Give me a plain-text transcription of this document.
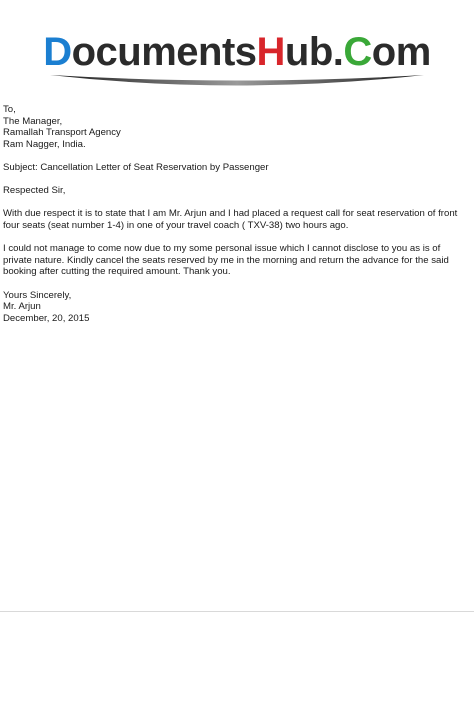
DocumentsHub.Com

To,

The Manager,

Ramallah Transport Agency

Ram Nagger, India.

Subject: Cancellation Letter of Seat Reservation by Passenger

Respected Sir,

With due respect it is to state that I am Mr. Arjun and I had placed a request call for seat reservation of front four seats (seat number 1-4) in one of your travel coach ( TXV-38) two hours ago.

I could not manage to come now due to my some personal issue which I cannot disclose to you as is of private nature. Kindly cancel the seats reserved by me in the morning and return the advance for the said booking after cutting the required amount. Thank you.

Yours Sincerely,

Mr. Arjun

December, 20, 2015
